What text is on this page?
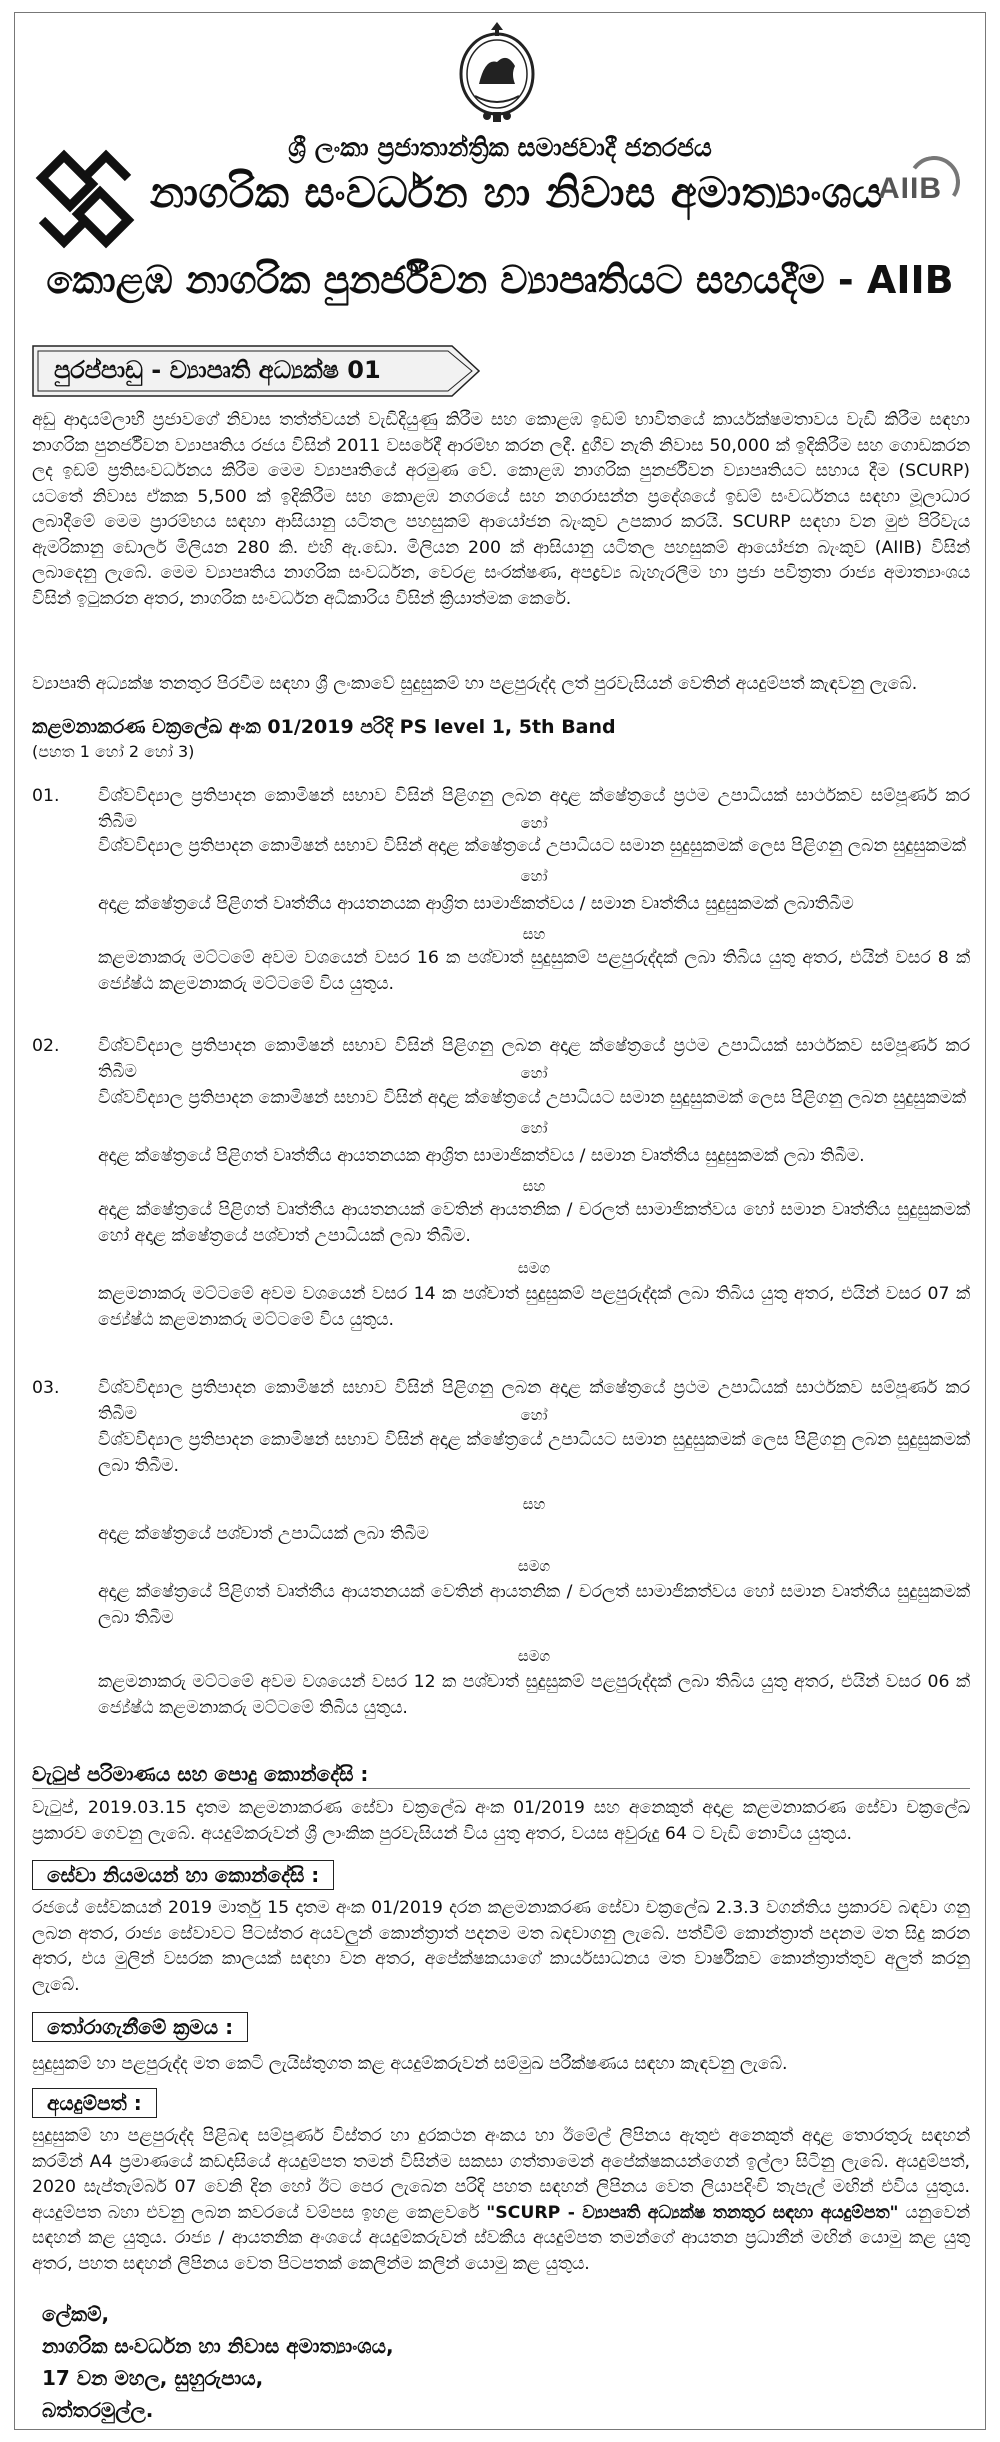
ශ්‍රී ලංකා ප්‍රජාතාන්ත්‍රික සමාජවාදී ජනරජය
නාගරික සංවර්ධන හා නිවාස අමාත්‍යාංශය
AIIB
කොළඹ නාගරික පුනර්ජීවන ව්‍යාපෘතියට සහයදීම - AIIB
පුරප්පාඩු - ව්‍යාපෘති අධ්‍යක්ෂ 01
අඩු ආදායම්ලාභී ප්‍රජාවගේ නිවාස තත්ත්වයන් වැඩිදියුණු කිරීම සහ කොළඹ ඉඩම් භාවිතයේ කාර්යක්ෂමතාවය වැඩි කිරීම සඳහා නාගරික පුනර්ජීවන ව්‍යාපෘතිය රජය විසින් 2011 වසරේදී ආරම්භ කරන ලදී. දුගීව නැති නිවාස 50,000 ක් ඉදිකිරීම සහ ගොඩකරන ලද ඉඩම් ප්‍රතිසංවර්ධනය කිරීම මෙම ව්‍යාපෘතියේ අරමුණ වේ. කොළඹ නාගරික පුනර්ජීවන ව්‍යාපෘතියට සහාය දීම (SCURP) යටතේ නිවාස ඒකක 5,500 ක් ඉදිකිරීම සහ කොළඹ නගරයේ සහ නගරාසන්න ප්‍රදේශයේ ඉඩම් සංවර්ධනය සඳහා මූලාධාර ලබාදීමේ මෙම ප්‍රාරම්භය සඳහා ආසියානු යටිතල පහසුකම් ආයෝජන බැංකුව උපකාර කරයි. SCURP සඳහා වන මුළු පිරිවැය ඇමරිකානු ඩොලර් මිලියන 280 කි. එහි ඇ.ඩො. මිලියන 200 ක් ආසියානු යටිතල පහසුකම් ආයෝජන බැංකුව (AIIB) විසින් ලබාදෙනු ලැබේ. මෙම ව්‍යාපෘතිය නාගරික සංවර්ධන, වෙරළ සංරක්ෂණ, අපද්‍රව්‍ය බැහැරලීම හා ප්‍රජා පවිත්‍රතා රාජ්‍ය අමාත්‍යාංශය විසින් ඉටුකරන අතර, නාගරික සංවර්ධන අධිකාරිය විසින් ක්‍රියාත්මක කෙරේ.
ව්‍යාපෘති අධ්‍යක්ෂ තනතුර පිරවීම සඳහා ශ්‍රී ලංකාවේ සුදුසුකම් හා පළපුරුද්ද ලත් පුරවැසියන් වෙතින් අයදුම්පත් කැඳවනු ලැබේ.
කළමනාකරණ චක්‍රලේඛ අංක 01/2019 පරිදි PS level 1, 5th Band
(පහත 1 හෝ 2 හෝ 3)
01. විශ්වවිද්‍යාල ප්‍රතිපාදන කොමිෂන් සභාව විසින් පිළිගනු ලබන අදාළ ක්ෂේත්‍රයේ ප්‍රථම උපාධියක් සාර්ථකව සම්පූර්ණ කර තිබීම	හෝ
විශ්වවිද්‍යාල ප්‍රතිපාදන කොමිෂන් සභාව විසින් අදාළ ක්ෂේත්‍රයේ උපාධියට සමාන සුදුසුකමක් ලෙස පිළිගනු ලබන සුදුසුකමක්
හෝ
අදාළ ක්ෂේත්‍රයේ පිළිගත් වෘත්තීය ආයතනයක ආශ්‍රිත සාමාජිකත්වය / සමාන වෘත්තීය සුදුසුකමක් ලබාතිබීම
සහ
කළමනාකරු මට්ටමේ අවම වශයෙන් වසර 16 ක පශ්චාත් සුදුසුකම් පළපුරුද්දක් ලබා තිබිය යුතු අතර, එයින් වසර 8 ක් ජ්‍යේෂ්ඨ කළමනාකරු මට්ටමේ විය යුතුය.
02. විශ්වවිද්‍යාල ප්‍රතිපාදන කොමිෂන් සභාව විසින් පිළිගනු ලබන අදාළ ක්ෂේත්‍රයේ ප්‍රථම උපාධියක් සාර්ථකව සම්පූර්ණ කර තිබීම	හෝ
විශ්වවිද්‍යාල ප්‍රතිපාදන කොමිෂන් සභාව විසින් අදාළ ක්ෂේත්‍රයේ උපාධියට සමාන සුදුසුකමක් ලෙස පිළිගනු ලබන සුදුසුකමක්
හෝ
අදාළ ක්ෂේත්‍රයේ පිළිගත් වෘත්තීය ආයතනයක ආශ්‍රිත සාමාජිකත්වය / සමාන වෘත්තීය සුදුසුකමක් ලබා තිබීම.
සහ
අදාළ ක්ෂේත්‍රයේ පිළිගත් වෘත්තීය ආයතනයක් වෙතින් ආයතනික / චරලත් සාමාජිකත්වය හෝ සමාන වෘත්තීය සුදුසුකමක් හෝ අදාළ ක්ෂේත්‍රයේ පශ්චාත් උපාධියක් ලබා තිබීම.
සමග
කළමනාකරු මට්ටමේ අවම වශයෙන් වසර 14 ක පශ්චාත් සුදුසුකම් පළපුරුද්දක් ලබා තිබිය යුතු අතර, එයින් වසර 07 ක් ජ්‍යේෂ්ඨ කළමනාකරු මට්ටමේ විය යුතුය.
03. විශ්වවිද්‍යාල ප්‍රතිපාදන කොමිෂන් සභාව විසින් පිළිගනු ලබන අදාළ ක්ෂේත්‍රයේ ප්‍රථම උපාධියක් සාර්ථකව සම්පූර්ණ කර තිබීම	හෝ
විශ්වවිද්‍යාල ප්‍රතිපාදන කොමිෂන් සභාව විසින් අදාළ ක්ෂේත්‍රයේ උපාධියට සමාන සුදුසුකමක් ලෙස පිළිගනු ලබන සුදුසුකමක් ලබා තිබීම.
සහ
අදාළ ක්ෂේත්‍රයේ පශ්චාත් උපාධියක් ලබා තිබීම
සමග
අදාළ ක්ෂේත්‍රයේ පිළිගත් වෘත්තීය ආයතනයක් වෙතින් ආයතනික / චරලත් සාමාජිකත්වය හෝ සමාන වෘත්තීය සුදුසුකමක් ලබා තිබීම
සමග
කළමනාකරු මට්ටමේ අවම වශයෙන් වසර 12 ක පශ්චාත් සුදුසුකම් පළපුරුද්දක් ලබා තිබිය යුතු අතර, එයින් වසර 06 ක් ජ්‍යේෂ්ඨ කළමනාකරු මට්ටමේ තිබිය යුතුය.
වැටුප් පරිමාණය සහ පොදු කොන්දේසි :
වැටුප්, 2019.03.15 දාතම කළමනාකරණ සේවා චක්‍රලේඛ අංක 01/2019 සහ අනෙකුත් අදාළ කළමනාකරණ සේවා චක්‍රලේඛ ප්‍රකාරව ගෙවනු ලැබේ. අයදුම්කරුවන් ශ්‍රී ලාංකික පුරවැසියන් විය යුතු අතර, වයස අවුරුදු 64 ට වැඩි නොවිය යුතුය.
සේවා නියමයන් හා කොන්දේසි :
රජයේ සේවකයන් 2019 මාර්තු 15 දාතම අංක 01/2019 දරන කළමනාකරණ සේවා චක්‍රලේඛ 2.3.3 වගන්තිය ප්‍රකාරව බඳවා ගනු ලබන අතර, රාජ්‍ය සේවාවට පිටස්තර අයවලුන් කොන්ත්‍රාත් පදනම මත බඳවාගනු ලැබේ. පත්වීම් කොන්ත්‍රාත් පදනම මත සිදු කරන අතර, එය මුලින් වසරක කාලයක් සඳහා වන අතර, අපේක්ෂකයාගේ කාර්යසාධනය මත වාර්ෂිකව කොන්ත්‍රාත්තුව අලුත් කරනු ලැබේ.
තෝරාගැනීමේ ක්‍රමය :
සුදුසුකම් හා පළපුරුද්ද මත කෙටි ලැයිස්තුගත කළ අයදුම්කරුවන් සම්මුඛ පරීක්ෂණය සඳහා කැඳවනු ලැබේ.
අයදුම්පත් :
සුදුසුකම් හා පළපුරුද්ද පිළිබඳ සම්පූර්ණ විස්තර හා දුරකථන අංකය හා ඊමේල් ලිපිනය ඇතුළු අනෙකුත් අදාළ තොරතුරු සඳහන් කරමින් A4 ප්‍රමාණයේ කඩදාසියේ අයදුම්පත තමන් විසින්ම සකසා ගත්තාමෙන් අපේක්ෂකයන්ගෙන් ඉල්ලා සිටිනු ලැබේ. අයදුම්පත්, 2020 සැප්තැම්බර් 07 වෙනි දින හෝ ඊට පෙර ලැබෙන පරිදි පහත සඳහන් ලිපිනය වෙත ලියාපදිංචි තැපැල් මඟින් එවිය යුතුය. අයදුම්පත බහා එවනු ලබන කවරයේ වම්පස ඉහළ කෙළවරේ "SCURP - ව්‍යාපෘති අධ්‍යක්ෂ තනතුර සඳහා අයදුම්පත" යනුවෙන් සඳහන් කළ යුතුය. රාජ්‍ය / ආයතනික අංශයේ අයදුම්කරුවන් ස්වකීය අයදුම්පත තමන්ගේ ආයතන ප්‍රධානීන් මඟින් යොමු කළ යුතු අතර, පහත සඳහන් ලිපිනය වෙත පිටපතක් කෙලින්ම කලින් යොමු කළ යුතුය.
ලේකම්,
නාගරික සංවර්ධන හා නිවාස අමාත්‍යාංශය,
17 වන මහල, සුහුරුපාය,
බත්තරමුල්ල.
